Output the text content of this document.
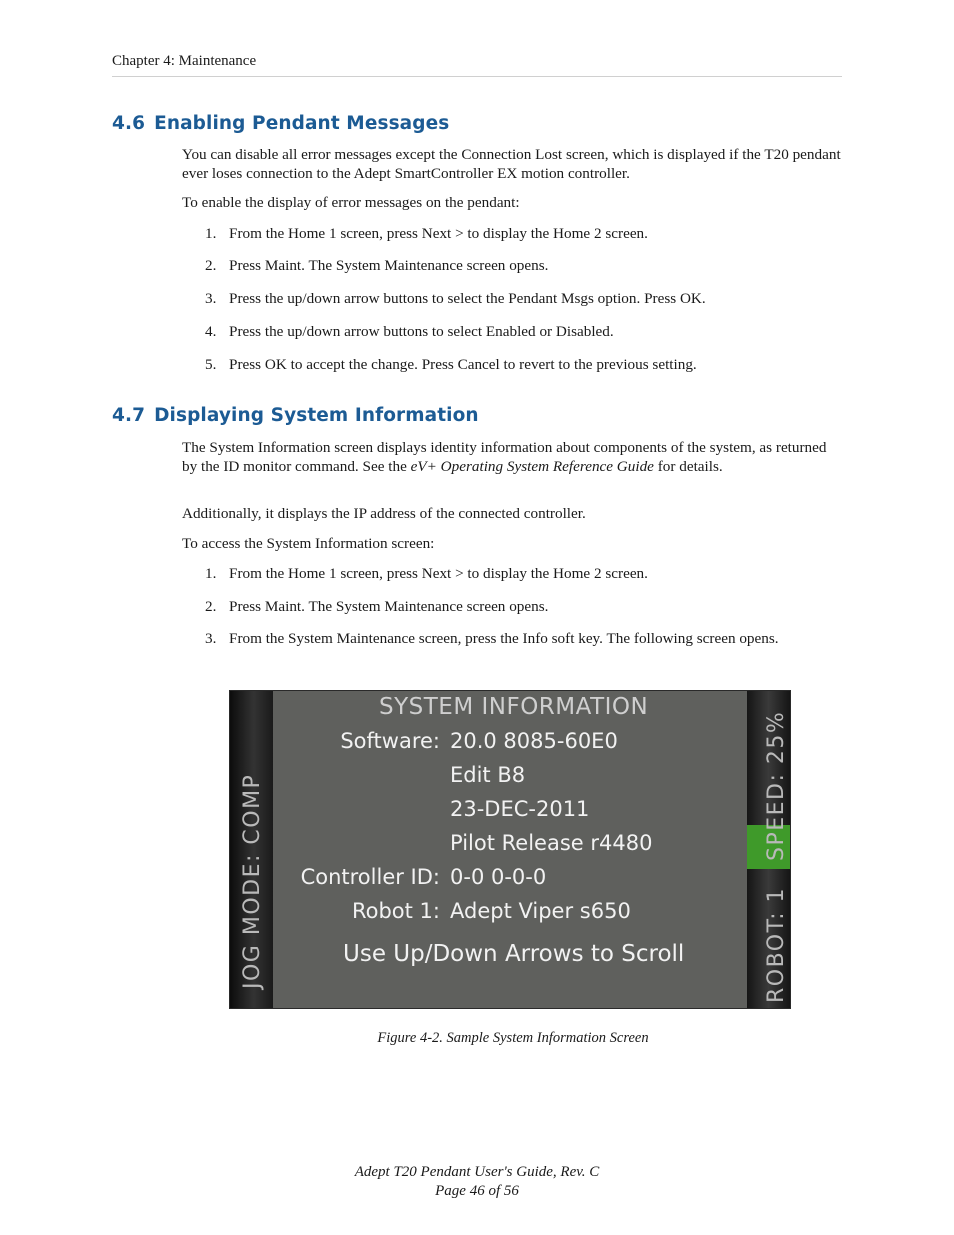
Chapter 4: Maintenance
4.6 Enabling Pendant Messages

You can disable all error messages except the Connection Lost screen, which is displayed if the T20 pendant ever loses connection to the Adept SmartController EX motion controller.

To enable the display of error messages on the pendant:

1. From the Home 1 screen, press Next > to display the Home 2 screen.
2. Press Maint. The System Maintenance screen opens.
3. Press the up/down arrow buttons to select the Pendant Msgs option. Press OK.
4. Press the up/down arrow buttons to select Enabled or Disabled.
5. Press OK to accept the change. Press Cancel to revert to the previous setting.
4.7 Displaying System Information

The System Information screen displays identity information about components of the system, as returned by the ID monitor command. See the eV+ Operating System Reference Guide for details.

Additionally, it displays the IP address of the connected controller.

To access the System Information screen:

1. From the Home 1 screen, press Next > to display the Home 2 screen.
2. Press Maint. The System Maintenance screen opens.
3. From the System Maintenance screen, press the Info soft key. The following screen opens.
JOG MODE: COMP	SPEED: 25%
ROBOT: 1
SYSTEM INFORMATION
Software: 20.0 8085-60E0
Edit B8
23-DEC-2011
Pilot Release r4480
Controller ID: 0-0 0-0-0
Robot 1: Adept Viper s650
Use Up/Down Arrows to Scroll
Figure 4-2. Sample System Information Screen
Adept T20 Pendant User's Guide, Rev. C
Page 46 of 56
